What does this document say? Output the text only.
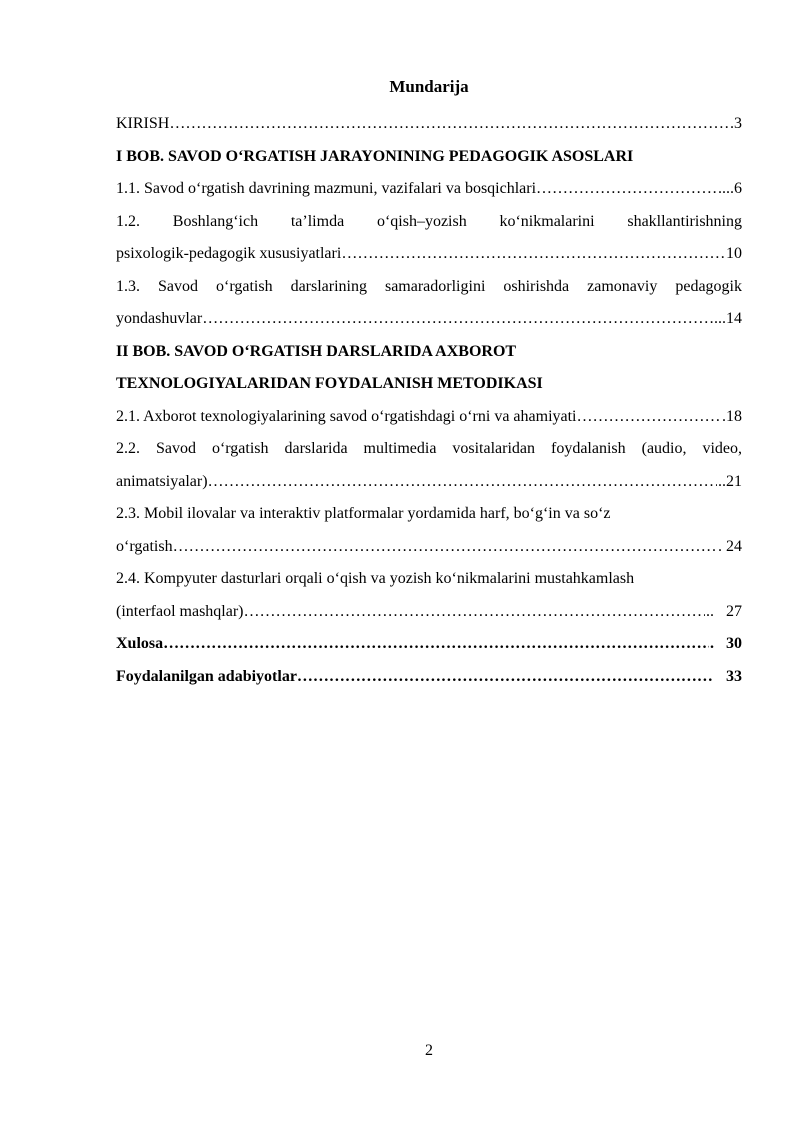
Mundarija
KIRISH ……………………………………………………………………………………………………………………………………………………………	3
I BOB. SAVOD O‘RGATISH JARAYONINING PEDAGOGIK ASOSLARI
1.1. Savod o‘rgatish davrining mazmuni, vazifalari va bosqichlari ……………………………………………………………………………………………………………………………………………………………	...6
1.2. Boshlang‘ich ta’limda o‘qish–yozish ko‘nikmalarini shakllantirishning
psixologik-pedagogik xususiyatlari ……………………………………………………………………………………………………………………………………………………………	10
1.3. Savod o‘rgatish darslarining samaradorligini oshirishda zamonaviy pedagogik
yondashuvlar ……………………………………………………………………………………………………………………………………………………………	...14
II BOB. SAVOD O‘RGATISH DARSLARIDA AXBOROT
TEXNOLOGIYALARIDAN FOYDALANISH METODIKASI
2.1. Axborot texnologiyalarining savod o‘rgatishdagi o‘rni va ahamiyati ……………………………………………………………………………………………………………………………………………………………	.18
2.2. Savod o‘rgatish darslarida multimedia vositalaridan foydalanish (audio, video,
animatsiyalar) ……………………………………………………………………………………………………………………………………………………………	..21
2.3. Mobil ilovalar va interaktiv platformalar yordamida harf, bo‘g‘in va so‘z
o‘rgatish ……………………………………………………………………………………………………………………………………………………………	. 24
2.4. Kompyuter dasturlari orqali o‘qish va yozish ko‘nikmalarini mustahkamlash
(interfaol mashqlar) ……………………………………………………………………………………………………………………………………………………………	..   27
Xulosa ……………………………………………………………………………………………………………………………………………………………	.   30
Foydalanilgan adabiyotlar ……………………………………………………………………………………………………………………………………………………………	33
2
